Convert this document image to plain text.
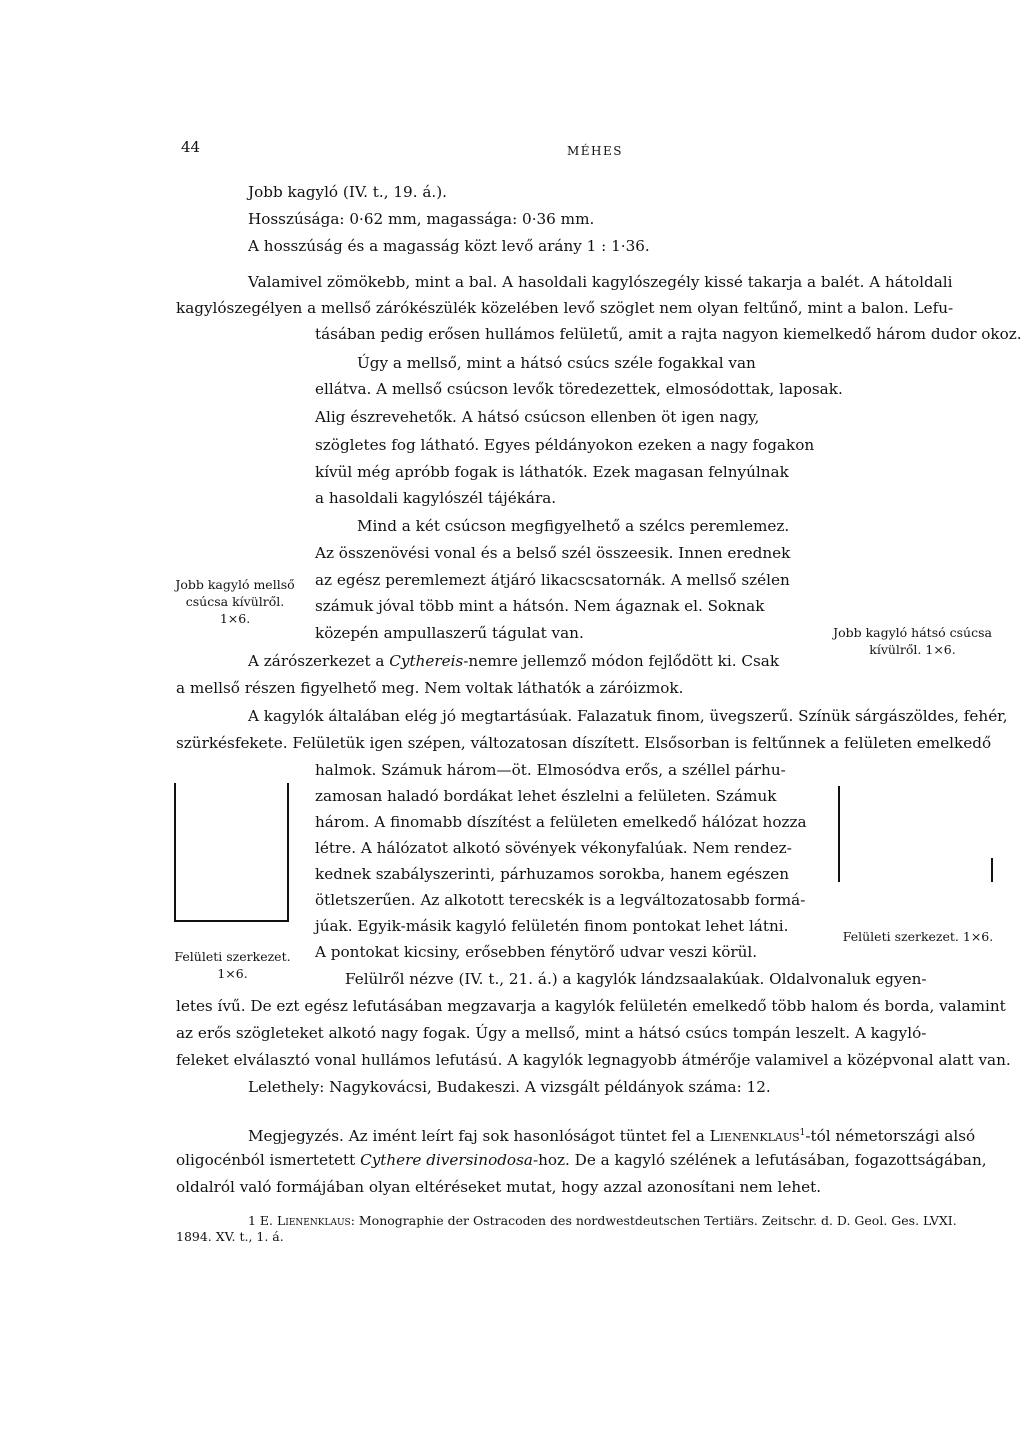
44	MÉHES
Jobb kagyló (IV. t., 19. á.).
Hosszúsága: 0·62 mm, magassága: 0·36 mm.
A hosszúság és a magasság közt levő arány 1 : 1·36.
Valamivel zömökebb, mint a bal. A hasoldali kagylószegély kissé takarja a balét. A hátoldali
kagylószegélyen a mellső zárókészülék közelében levő szöglet nem olyan feltűnő, mint a balon. Lefu-
tásában pedig erősen hullámos felületű, amit a rajta nagyon kiemelkedő három dudor okoz.
Úgy a mellső, mint a hátsó csúcs széle fogakkal van
ellátva. A mellső csúcson levők töredezettek, elmosódottak, laposak.
Alig észrevehetők. A hátsó csúcson ellenben öt igen nagy,
szögletes fog látható. Egyes példányokon ezeken a nagy fogakon
kívül még apróbb fogak is láthatók. Ezek magasan felnyúlnak
a hasoldali kagylószél tájékára.
Mind a két csúcson megfigyelhető a szélcs peremlemez.
Az összenövési vonal és a belső szél összeesik. Innen erednek
az egész peremlemezt átjáró likacscsatornák. A mellső szélen
számuk jóval több mint a hátsón. Nem ágaznak el. Soknak
közepén ampullaszerű tágulat van.
A zárószerkezet a Cythereis-nemre jellemző módon fejlődött ki. Csak
a mellső részen figyelhető meg. Nem voltak láthatók a záróizmok.
A kagylók általában elég jó megtartásúak. Falazatuk finom, üvegszerű. Színük sárgászöldes, fehér,
szürkésfekete. Felületük igen szépen, változatosan díszített. Elsősorban is feltűnnek a felületen emelkedő
halmok. Számuk három—öt. Elmosódva erős, a széllel párhu-
zamosan haladó bordákat lehet észlelni a felületen. Számuk
három. A finomabb díszítést a felületen emelkedő hálózat hozza
létre. A hálózatot alkotó sövények vékonyfalúak. Nem rendez-
kednek szabályszerinti, párhuzamos sorokba, hanem egészen
ötletszerűen. Az alkotott terecskék is a legváltozatosabb formá-
júak. Egyik-másik kagyló felületén finom pontokat lehet látni.
A pontokat kicsiny, erősebben fénytörő udvar veszi körül.
Felülről nézve (IV. t., 21. á.) a kagylók lándzsaalakúak. Oldalvonaluk egyen-
letes ívű. De ezt egész lefutásában megzavarja a kagylók felületén emelkedő több halom és borda, valamint
az erős szögleteket alkotó nagy fogak. Úgy a mellső, mint a hátsó csúcs tompán leszelt. A kagyló-
feleket elválasztó vonal hullámos lefutású. A kagylók legnagyobb átmérője valamivel a középvonal alatt van.
Lelethely: Nagykovácsi, Budakeszi. A vizsgált példányok száma: 12.
Megjegyzés. Az imént leírt faj sok hasonlóságot tüntet fel a Lienenklaus$^1$-tól németországi alsó
oligocénból ismertetett Cythere diversinodosa-hoz. De a kagyló szélének a lefutásában, fogazottságában,
oldalról való formájában olyan eltéréseket mutat, hogy azzal azonosítani nem lehet.
1 E. Lienenklaus: Monographie der Ostracoden des nordwestdeutschen Tertiärs. Zeitschr. d. D. Geol. Ges. LVXI.
1894. XV. t., 1. á.
Jobb kagyló mellső
csúcsa kívülről.
1×6.
Jobb kagyló hátsó csúcsa
kívülről. 1×6.
Felületi szerkezet.
1×6.
Felületi szerkezet. 1×6.
